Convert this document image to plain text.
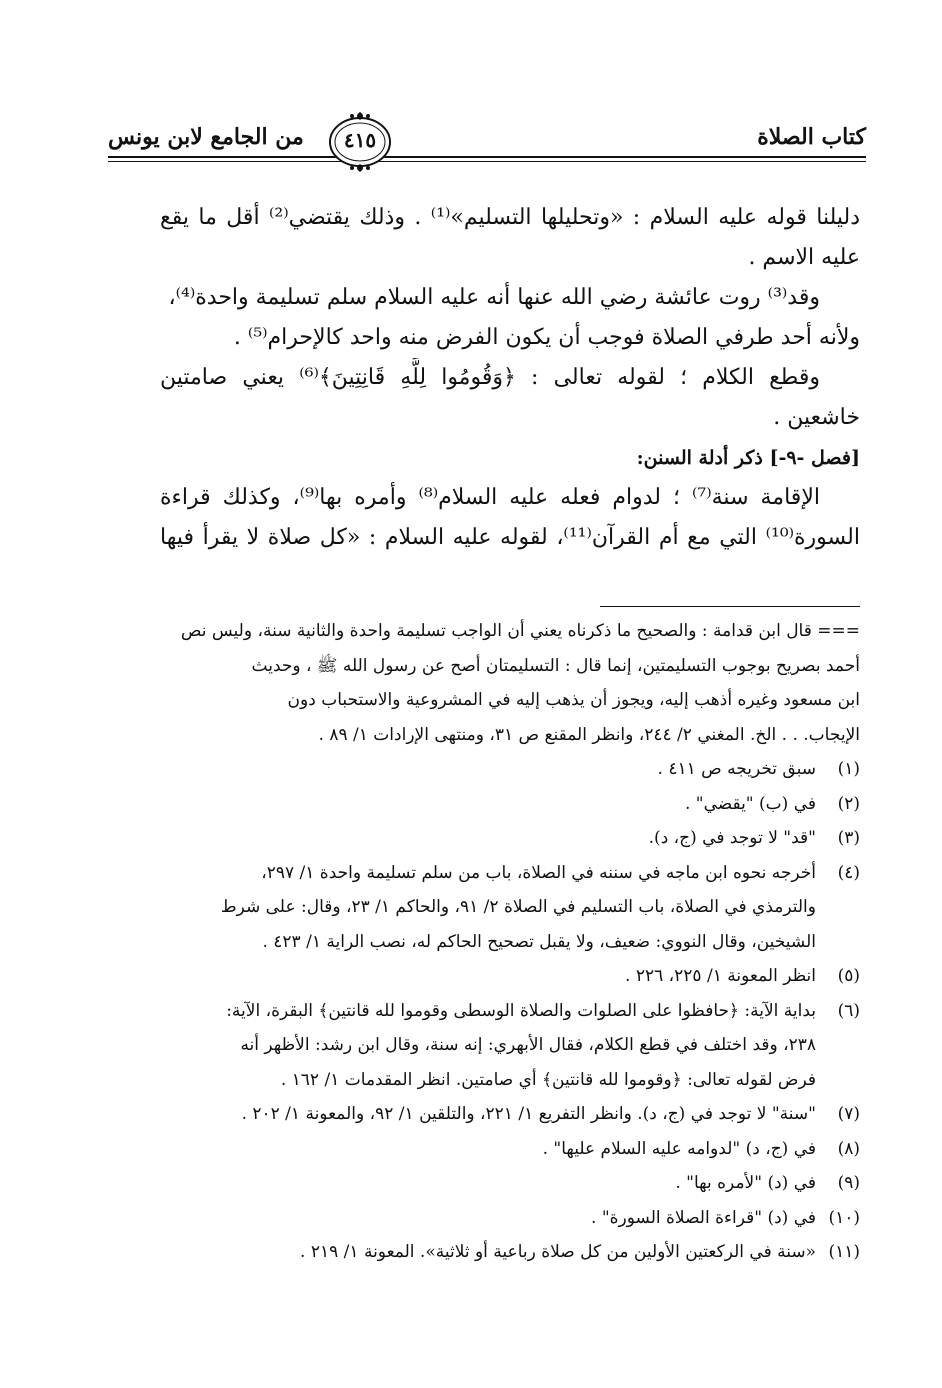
كتاب الصلاة
من الجامع لابن يونس	٤١٥
دليلنا قوله عليه السلام : «وتحليلها التسليم»⁽¹⁾ . وذلك يقتضي⁽²⁾ أقل ما يقع
عليه الاسم .
وقد⁽³⁾ روت عائشة رضي الله عنها أنه عليه السلام سلم تسليمة واحدة⁽⁴⁾،
ولأنه أحد طرفي الصلاة فوجب أن يكون الفرض منه واحد كالإحرام⁽⁵⁾ .
وقطع الكلام ؛ لقوله تعالى : ﴿وَقُومُوا لِلَّهِ قَانِتِينَ﴾⁽⁶⁾ يعني صامتين
خاشعين .
[فصل -٩-] ذكر أدلة السنن:
الإقامة سنة⁽⁷⁾ ؛ لدوام فعله عليه السلام⁽⁸⁾ وأمره بها⁽⁹⁾، وكذلك قراءة
السورة⁽¹⁰⁾ التي مع أم القرآن⁽¹¹⁾، لقوله عليه السلام : «كل صلاة لا يقرأ فيها
=== قال ابن قدامة : والصحيح ما ذكرناه يعني أن الواجب تسليمة واحدة والثانية سنة، وليس نص
أحمد بصريح بوجوب التسليمتين، إنما قال : التسليمتان أصح عن رسول الله ﷺ ، وحديث
ابن مسعود وغيره أذهب إليه، ويجوز أن يذهب إليه في المشروعية والاستحباب دون
الإيجاب. . . الخ. المغني ٢/ ٢٤٤، وانظر المقنع ص ٣١، ومنتهى الإرادات ١/ ٨٩ .
(١)سبق تخريجه ص ٤١١ .
(٢)في (ب) "يقضي" .
(٣)"قد" لا توجد في (ج، د).
(٤)أخرجه نحوه ابن ماجه في سننه في الصلاة، باب من سلم تسليمة واحدة ١/ ٢٩٧،
والترمذي في الصلاة، باب التسليم في الصلاة ٢/ ٩١، والحاكم ١/ ٢٣، وقال: على شرط
الشيخين، وقال النووي: ضعيف، ولا يقبل تصحيح الحاكم له، نصب الراية ١/ ٤٢٣ .
(٥)انظر المعونة ١/ ٢٢٥، ٢٢٦ .
(٦)بداية الآية: ﴿حافظوا على الصلوات والصلاة الوسطى وقوموا لله قانتين﴾ البقرة، الآية:
٢٣٨، وقد اختلف في قطع الكلام، فقال الأبهري: إنه سنة، وقال ابن رشد: الأظهر أنه
فرض لقوله تعالى: ﴿وقوموا لله قانتين﴾ أي صامتين. انظر المقدمات ١/ ١٦٢ .
(٧)"سنة" لا توجد في (ج، د). وانظر التفريع ١/ ٢٢١، والتلقين ١/ ٩٢، والمعونة ١/ ٢٠٢ .
(٨)في (ج، د) "لدوامه عليه السلام عليها" .
(٩)في (د) "لأمره بها" .
(١٠)في (د) "قراءة الصلاة السورة" .
(١١)«سنة في الركعتين الأولين من كل صلاة رباعية أو ثلاثية». المعونة ١/ ٢١٩ .
